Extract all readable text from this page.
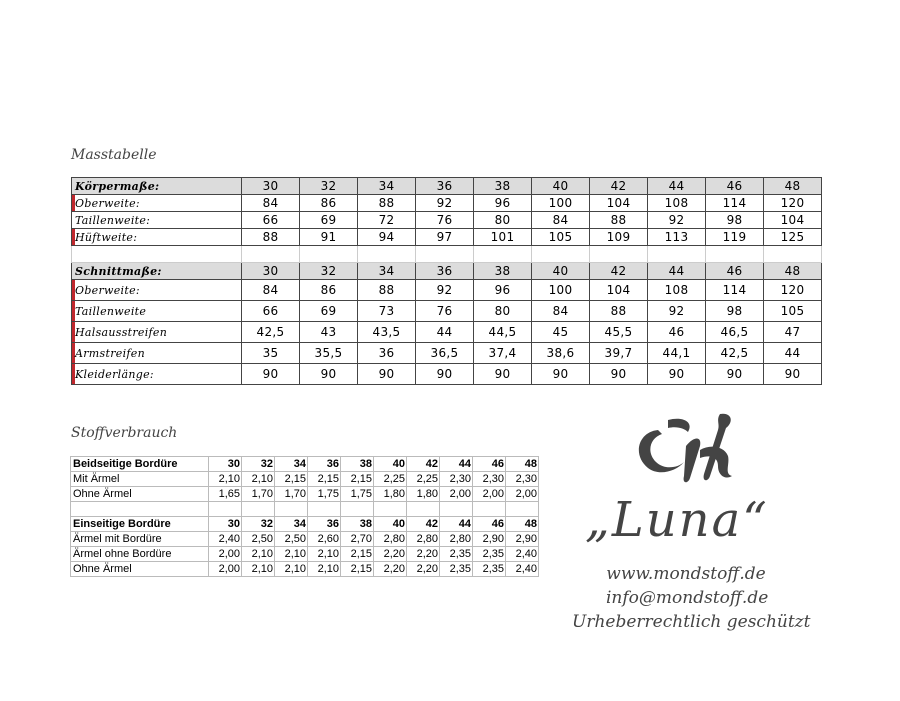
Masstabelle
Körpermaße:	30	32	34	36	38	40	42	44	46	48
Oberweite:	84	86	88	92	96	100	104	108	114	120
Taillenweite:	66	69	72	76	80	84	88	92	98	104
Hüftweite:	88	91	94	97	101	105	109	113	119	125

Schnittmaße:	30	32	34	36	38	40	42	44	46	48
Oberweite:	84	86	88	92	96	100	104	108	114	120
Taillenweite	66	69	73	76	80	84	88	92	98	105
Halsausstreifen	42,5	43	43,5	44	44,5	45	45,5	46	46,5	47
Armstreifen	35	35,5	36	36,5	37,4	38,6	39,7	44,1	42,5	44
Kleiderlänge:	90	90	90	90	90	90	90	90	90	90
Stoffverbrauch
Beidseitige Bordüre	30	32	34	36	38	40	42	44	46	48
Mit Ärmel	2,10	2,10	2,15	2,15	2,15	2,25	2,25	2,30	2,30	2,30
Ohne Ärmel	1,65	1,70	1,70	1,75	1,75	1,80	1,80	2,00	2,00	2,00

Einseitige Bordüre	30	32	34	36	38	40	42	44	46	48
Ärmel mit Bordüre	2,40	2,50	2,50	2,60	2,70	2,80	2,80	2,80	2,90	2,90
Ärmel ohne Bordüre	2,00	2,10	2,10	2,10	2,15	2,20	2,20	2,35	2,35	2,40
Ohne Ärmel	2,00	2,10	2,10	2,10	2,15	2,20	2,20	2,35	2,35	2,40
„Luna“
www.mondstoff.de
info@mondstoff.de
Urheberrechtlich geschützt
